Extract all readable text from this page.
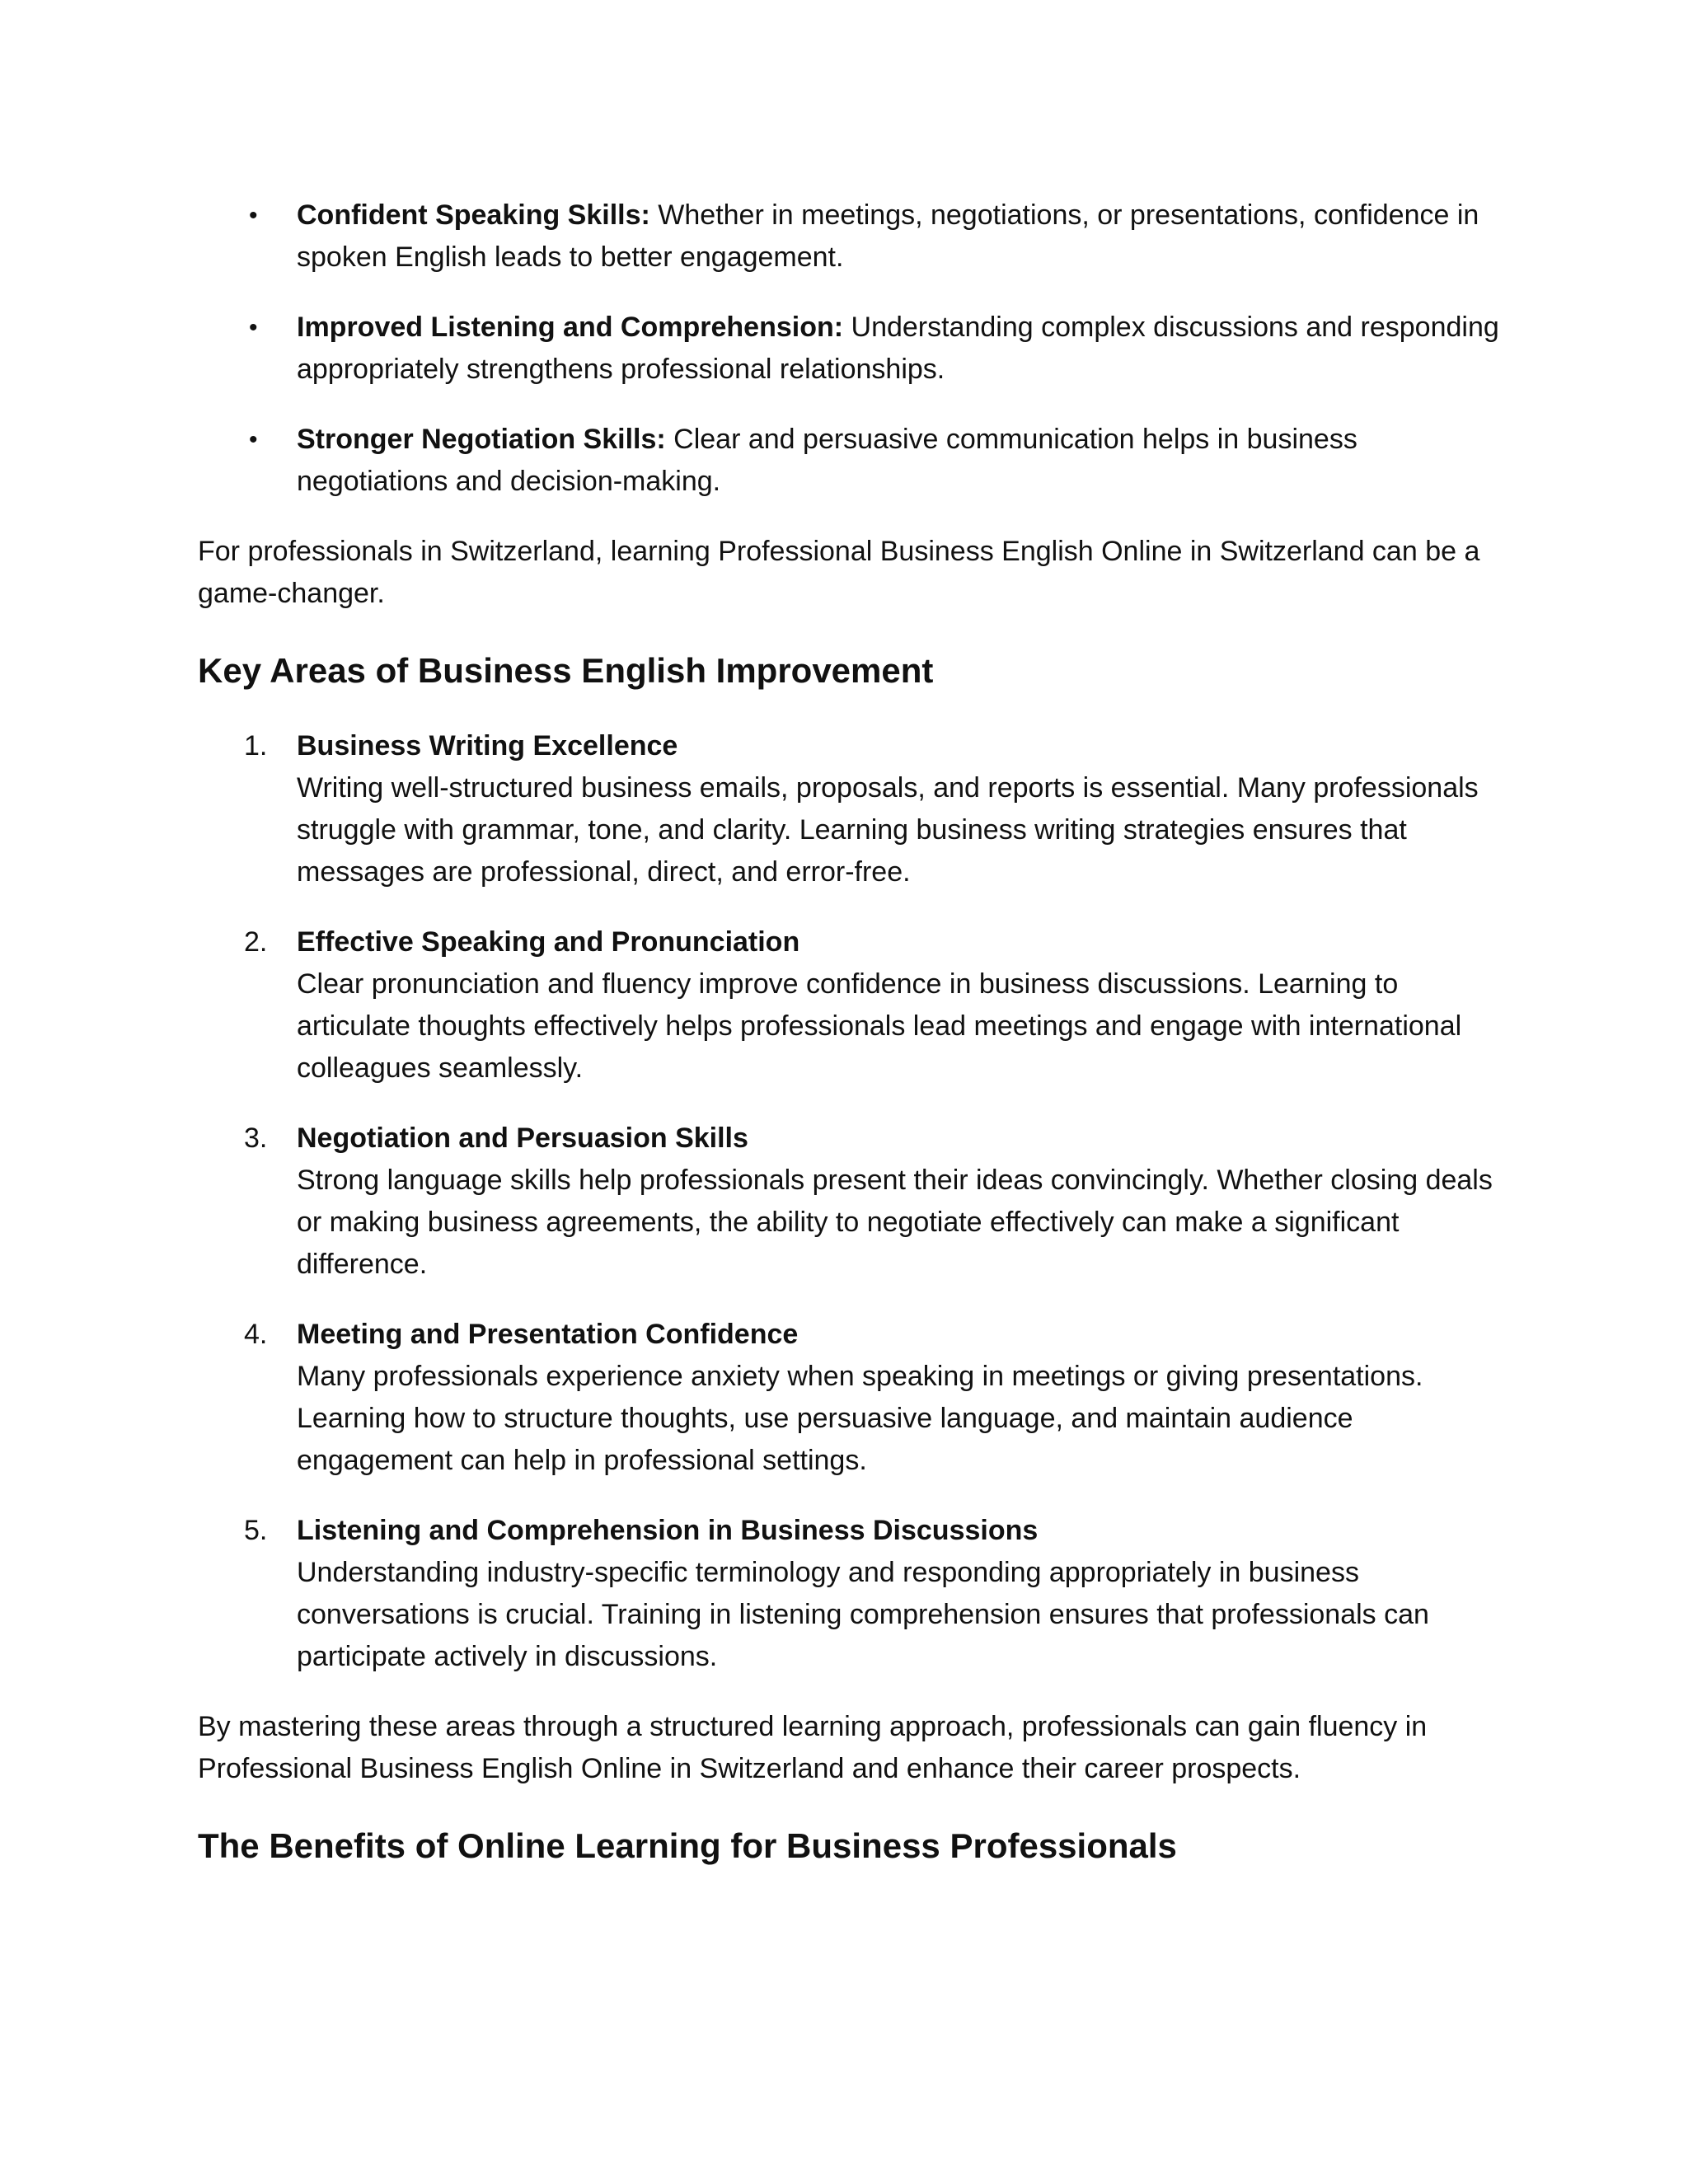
•	Confident Speaking Skills: Whether in meetings, negotiations, or presentations, confidence in spoken English leads to better engagement.
•	Improved Listening and Comprehension: Understanding complex discussions and responding appropriately strengthens professional relationships.
•	Stronger Negotiation Skills: Clear and persuasive communication helps in business negotiations and decision-making.

For professionals in Switzerland, learning Professional Business English Online in Switzerland can be a game-changer.

Key Areas of Business English Improvement
1.	Business Writing Excellence
Writing well-structured business emails, proposals, and reports is essential. Many professionals struggle with grammar, tone, and clarity. Learning business writing strategies ensures that messages are professional, direct, and error-free.
2.	Effective Speaking and Pronunciation
Clear pronunciation and fluency improve confidence in business discussions. Learning to articulate thoughts effectively helps professionals lead meetings and engage with international colleagues seamlessly.
3.	Negotiation and Persuasion Skills
Strong language skills help professionals present their ideas convincingly. Whether closing deals or making business agreements, the ability to negotiate effectively can make a significant difference.
4.	Meeting and Presentation Confidence
Many professionals experience anxiety when speaking in meetings or giving presentations. Learning how to structure thoughts, use persuasive language, and maintain audience engagement can help in professional settings.
5.	Listening and Comprehension in Business Discussions
Understanding industry-specific terminology and responding appropriately in business conversations is crucial. Training in listening comprehension ensures that professionals can participate actively in discussions.

By mastering these areas through a structured learning approach, professionals can gain fluency in Professional Business English Online in Switzerland and enhance their career prospects.

The Benefits of Online Learning for Business Professionals
